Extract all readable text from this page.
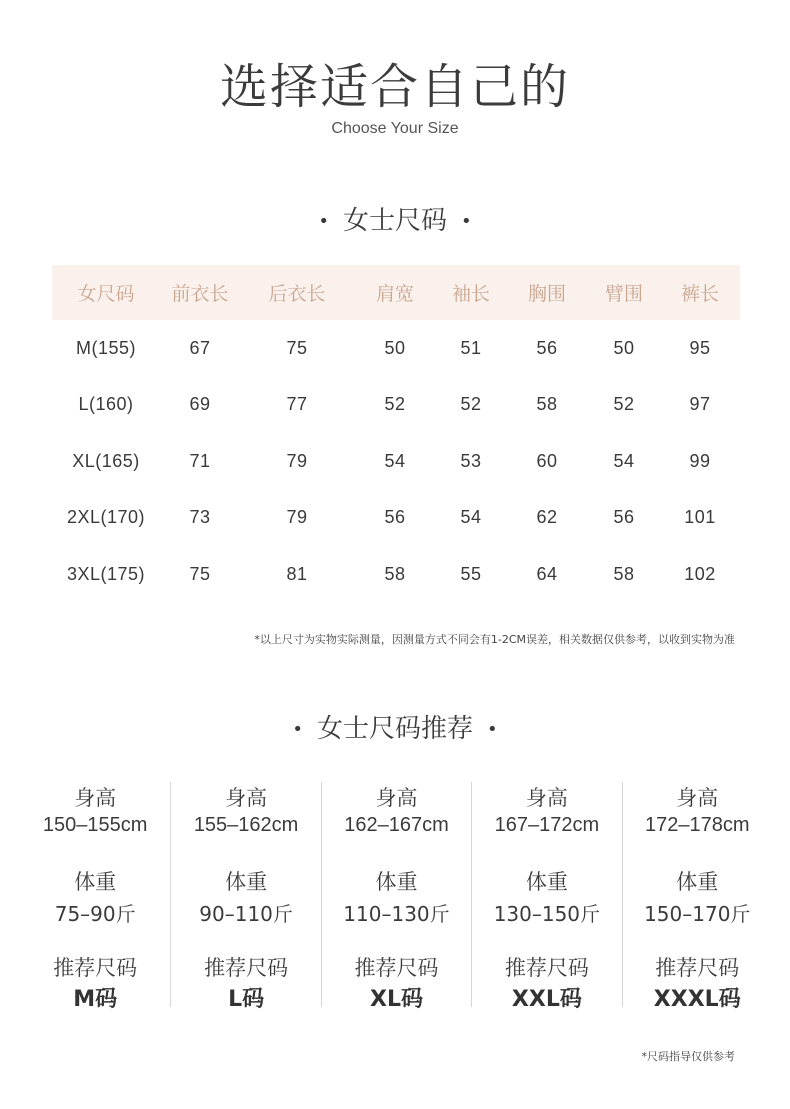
选择适合自己的
Choose Your Size
• 女士尺码 •
女尺码	前衣长	后衣长	肩宽	袖长	胸围	臂围	裤长
M(155)	67	75	50	51	56	50	95
L(160)	69	77	52	52	58	52	97
XL(165)	71	79	54	53	60	54	99
2XL(170)	73	79	56	54	62	56	101
3XL(175)	75	81	58	55	64	58	102
*以上尺寸为实物实际测量，因测量方式不同会有1-2CM误差，相关数据仅供参考，以收到实物为准
• 女士尺码推荐 •
身高
150–155cm
体重
75–90斤
推荐尺码
M码
身高
155–162cm
体重
90–110斤
推荐尺码
L码
身高
162–167cm
体重
110–130斤
推荐尺码
XL码
身高
167–172cm
体重
130–150斤
推荐尺码
XXL码
身高
172–178cm
体重
150–170斤
推荐尺码
XXXL码
*尺码指导仅供参考
